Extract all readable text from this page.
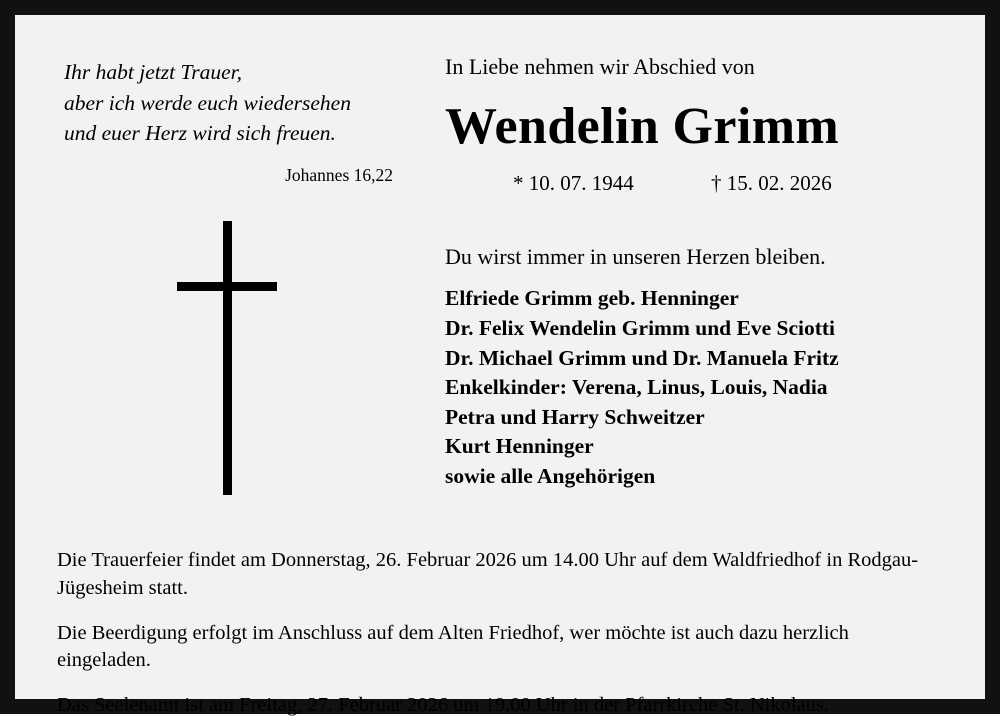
Ihr habt jetzt Trauer,
aber ich werde euch wiedersehen
und euer Herz wird sich freuen.
Johannes 16,22
In Liebe nehmen wir Abschied von
Wendelin Grimm
* 10. 07. 1944	† 15. 02. 2026
Du wirst immer in unseren Herzen bleiben.
Elfriede Grimm geb. Henninger
Dr. Felix Wendelin Grimm und Eve Sciotti
Dr. Michael Grimm und Dr. Manuela Fritz
Enkelkinder: Verena, Linus, Louis, Nadia
Petra und Harry Schweitzer
Kurt Henninger
sowie alle Angehörigen

Die Trauerfeier findet am Donnerstag, 26. Februar 2026 um 14.00 Uhr auf dem Waldfriedhof in Rodgau-Jügesheim statt.

Die Beerdigung erfolgt im Anschluss auf dem Alten Friedhof, wer möchte ist auch dazu herzlich eingeladen.

Das Seelenamt ist am Freitag, 27. Februar 2026 um 19.00 Uhr in der Pfarrkirche St. Nikolaus.
